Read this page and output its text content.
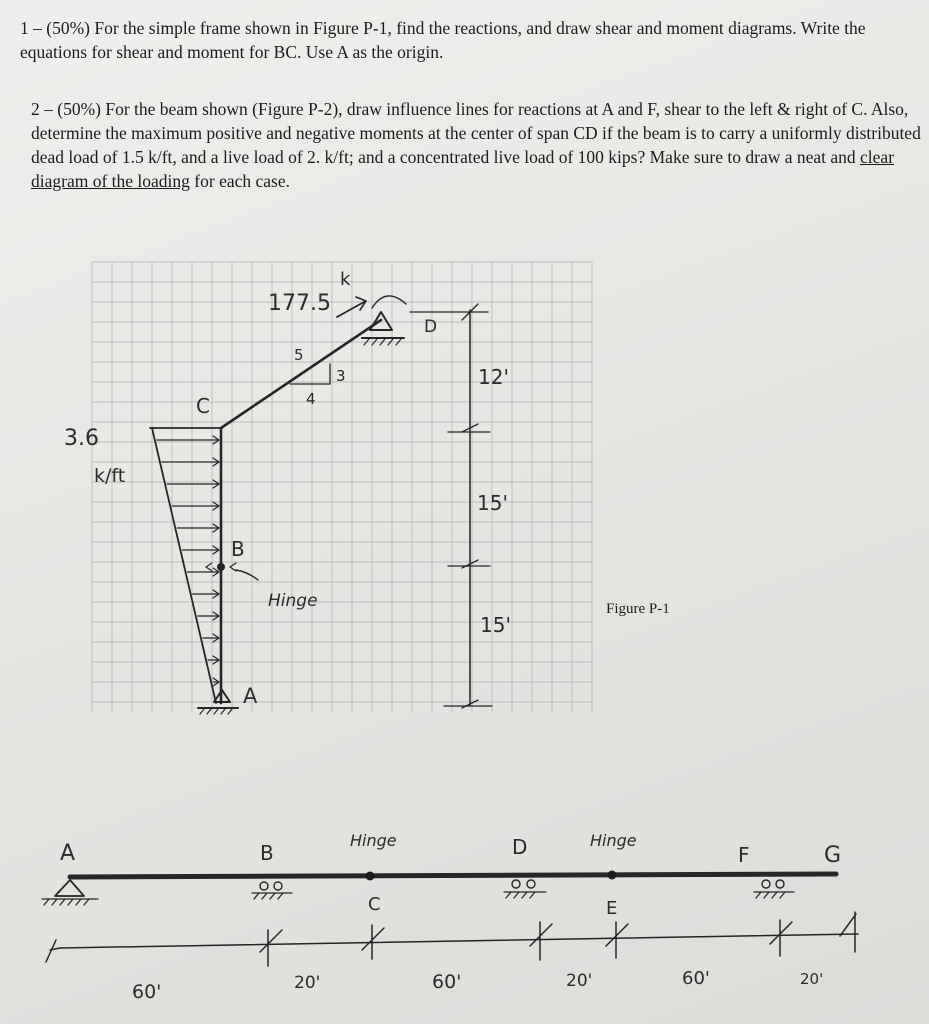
1 – (50%) For the simple frame shown in Figure P-1, find the reactions, and draw shear and moment diagrams. Write the equations for shear and moment for BC. Use A as the origin.

2 – (50%) For the beam shown (Figure P-2), draw influence lines for reactions at A and F, shear to the left & right of C. Also, determine the maximum positive and negative moments at the center of span CD if the beam is to carry a uniformly distributed dead load of 1.5 k/ft, and a live load of 2. k/ft; and a concentrated live load of 100 kips? Make sure to draw a neat and clear diagram of the loading for each case.

Figure P-1
3.6
k/ft
177.5
k
5
3
4
C
B
A
D
Hinge
12'
15'
15'
A	B
Hinge	D	Hinge
F	G
C	E
60'	20'	60'	20'	60'	20'
